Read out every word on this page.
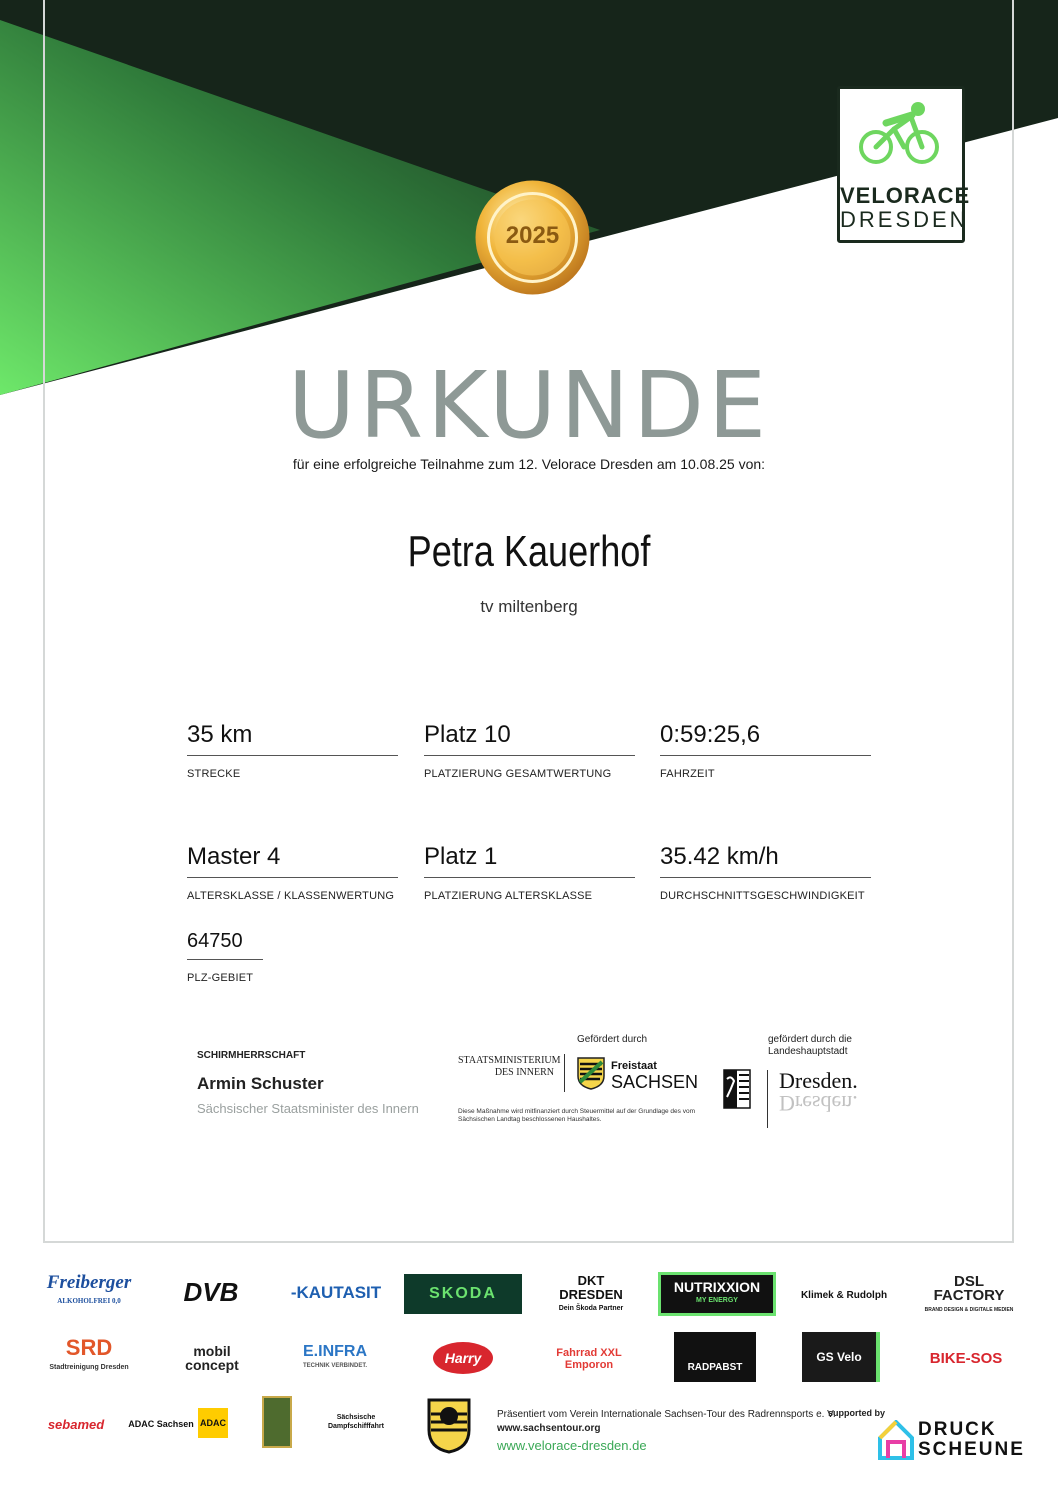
VELORACE
DRESDEN
2025
URKUNDE
für eine erfolgreiche Teilnahme zum 12. Velorace Dresden am 10.08.25 von:
Petra Kauerhof
tv miltenberg
35 km
STRECKE
Platz 10
PLATZIERUNG GESAMTWERTUNG
0:59:25,6
FAHRZEIT
Master 4
ALTERSKLASSE / KLASSENWERTUNG
Platz 1
PLATZIERUNG ALTERSKLASSE
35.42 km/h
DURCHSCHNITTSGESCHWINDIGKEIT
64750
PLZ-GEBIET
SCHIRMHERRSCHAFT
Armin Schuster
Sächsischer Staatsminister des Innern
Gefördert durch
STAATSMINISTERIUM DES INNERN
Freistaat
SACHSEN
Diese Maßnahme wird mitfinanziert durch Steuermittel auf der Grundlage des vom Sächsischen Landtag beschlossenen Haushaltes.
gefördert durch die Landeshauptstadt
Dresden.
Dresden.
Freiberger
ALKOHOLFREI 0,0 DVB	-KAUTASIT	SKODA
DKT DRESDEN
Dein Škoda Partner
NUTRIXXION
MY ENERGY	Klimek & Rudolph
DSL FACTORY
BRAND DESIGN & DIGITALE MEDIEN
SRD
Stadtreinigung Dresden
mobil concept
E.INFRA
TECHNIK VERBINDET.	Harry	Fahrrad XXL Emporon	RADPABST
GS Velo	BIKE-SOS
sebamed	ADAC Sachsen ADAC
Sächsische Dampfschifffahrt
Präsentiert vom Verein Internationale Sachsen-Tour des Radrennsports e. V.
www.sachsentour.org
www.velorace-dresden.de
supported by
DRUCK
SCHEUNE
